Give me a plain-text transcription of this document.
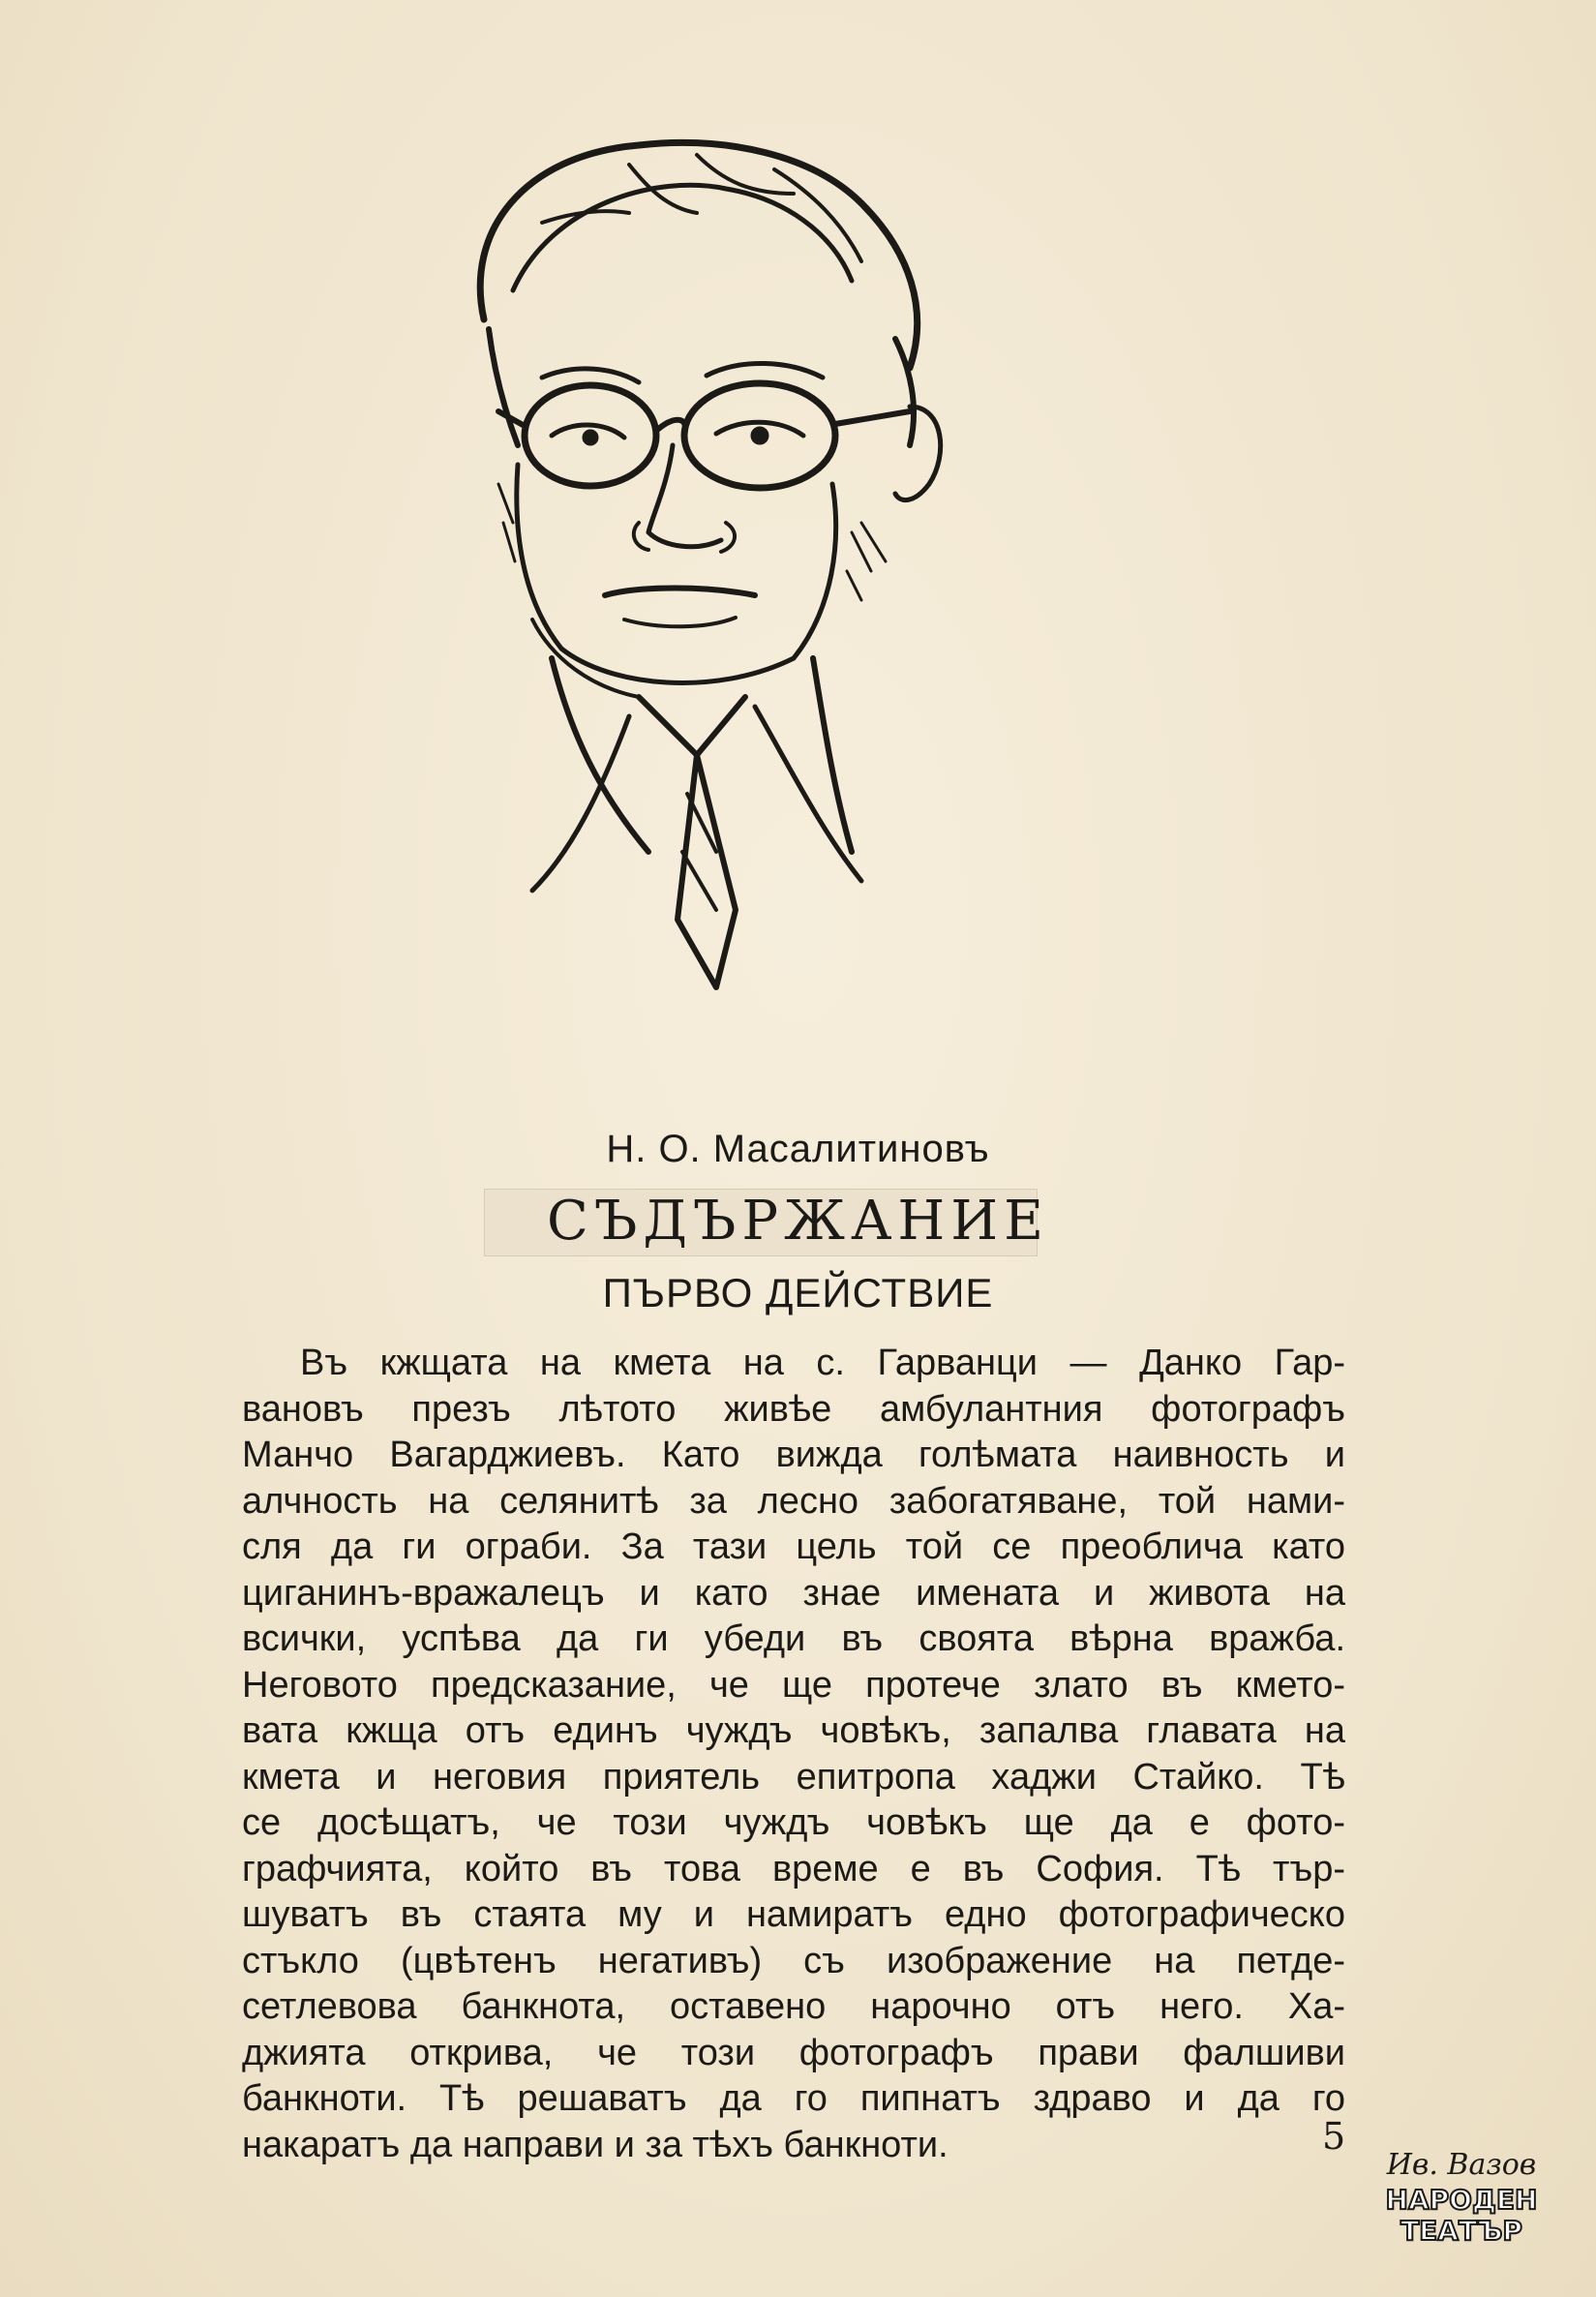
Н. О. Масалитиновъ
СЪДЪРЖАНИЕ
ПЪРВО ДЕЙСТВИЕ
Въ кжщата на кмета на с. Гарванци — Данко Гар-
вановъ презъ лѣтото живѣе амбулантния фотографъ
Манчо Вагарджиевъ. Като вижда голѣмата наивность и
алчность на селянитѣ за лесно забогатяване, той нами-
сля да ги ограби. За тази цель той се преоблича като
циганинъ-вражалецъ и като знае имената и живота на
всички, успѣва да ги убеди въ своята вѣрна вражба.
Неговото предсказание, че ще протече злато въ кмето-
вата кжща отъ единъ чуждъ човѣкъ, запалва главата на
кмета и неговия приятель епитропа хаджи Стайко. Тѣ
се досѣщатъ, че този чуждъ човѣкъ ще да е фото-
графчията, който въ това време е въ София. Тѣ тър-
шуватъ въ стаята му и намиратъ едно фотографическо
стъкло (цвѣтенъ негативъ) съ изображение на петде-
сетлевова банкнота, оставено нарочно отъ него. Ха-
джията открива, че този фотографъ прави фалшиви
банкноти. Тѣ решаватъ да го пипнатъ здраво и да го
накаратъ да направи и за тѣхъ банкноти.	5
Ив. Вазов
НАРОДЕН
ТЕАТЪР
